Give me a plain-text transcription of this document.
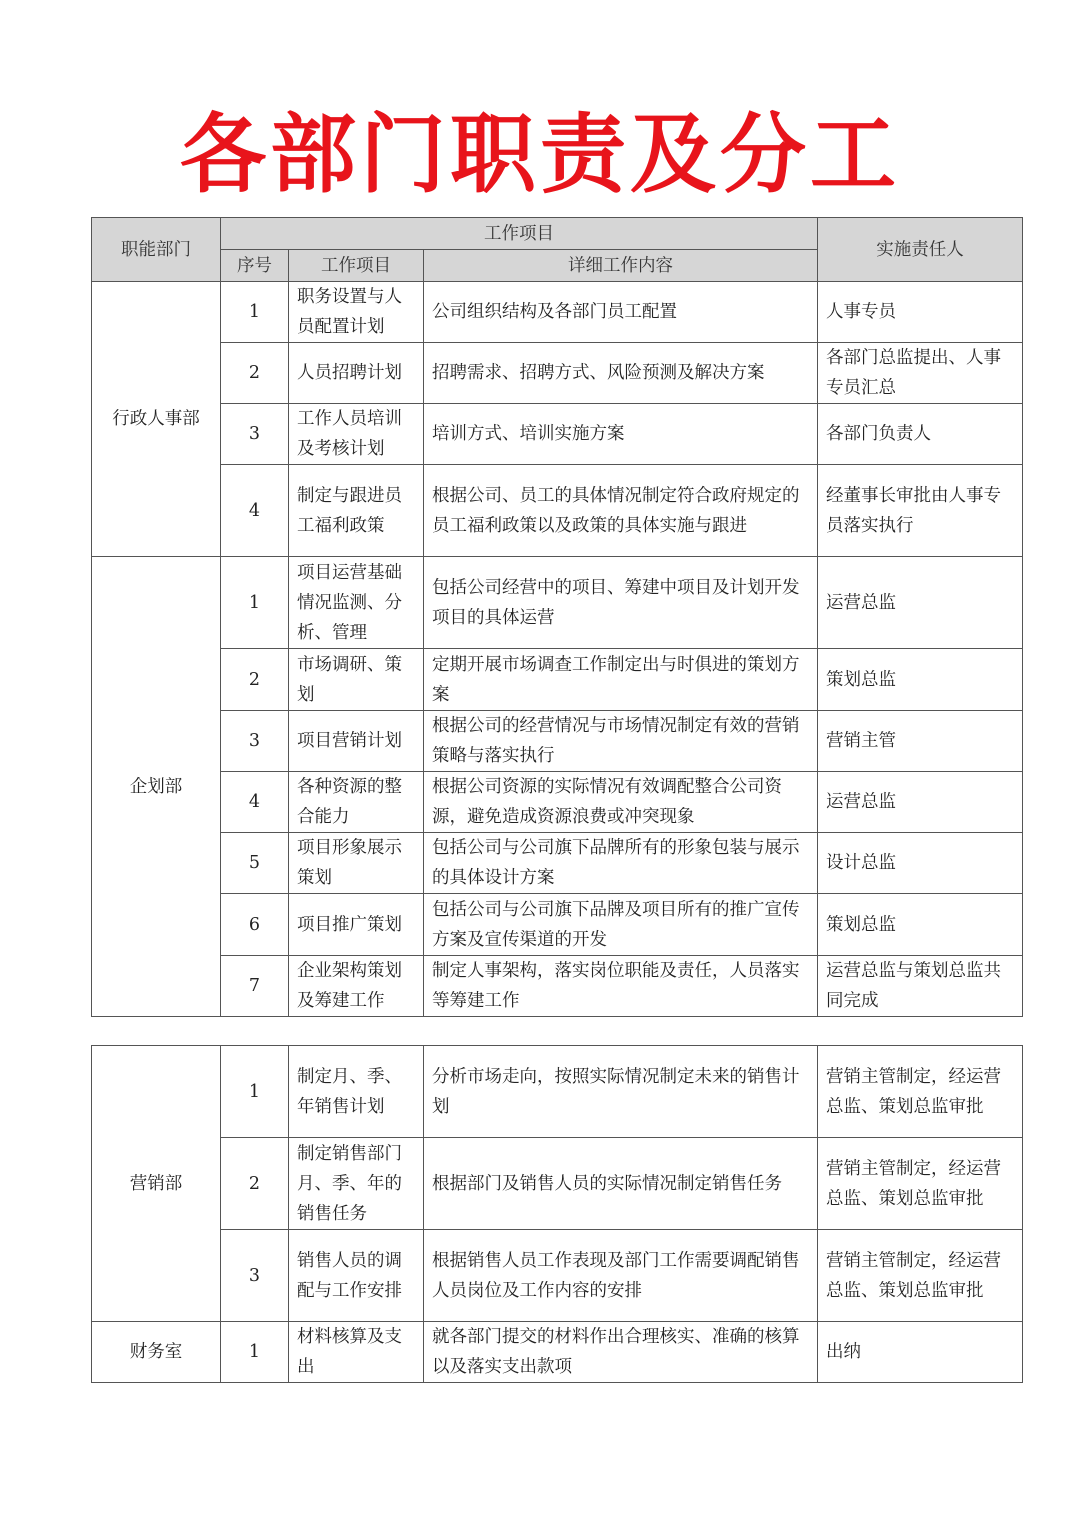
各部门职责及分工
职能部门	工作项目			实施责任人
	序号	工作项目	详细工作内容	
行政人事部	1	职务设置与人员配置计划	公司组织结构及各部门员工配置	人事专员
	2	人员招聘计划	招聘需求、招聘方式、风险预测及解决方案	各部门总监提出、人事专员汇总
	3	工作人员培训及考核计划	培训方式、培训实施方案	各部门负责人
	4	制定与跟进员工福利政策	根据公司、员工的具体情况制定符合政府规定的员工福利政策以及政策的具体实施与跟进	经董事长审批由人事专员落实执行
企划部	1	项目运营基础情况监测、分析、管理	包括公司经营中的项目、筹建中项目及计划开发项目的具体运营	运营总监
	2	市场调研、策划	定期开展市场调查工作制定出与时俱进的策划方案	策划总监
	3	项目营销计划	根据公司的经营情况与市场情况制定有效的营销策略与落实执行	营销主管
	4	各种资源的整合能力	根据公司资源的实际情况有效调配整合公司资源，避免造成资源浪费或冲突现象	运营总监
	5	项目形象展示策划	包括公司与公司旗下品牌所有的形象包装与展示的具体设计方案	设计总监
	6	项目推广策划	包括公司与公司旗下品牌及项目所有的推广宣传方案及宣传渠道的开发	策划总监
	7	企业架构策划及筹建工作	制定人事架构，落实岗位职能及责任，人员落实等筹建工作	运营总监与策划总监共同完成
营销部	1	制定月、季、年销售计划	分析市场走向，按照实际情况制定未来的销售计划	营销主管制定，经运营总监、策划总监审批
	2	制定销售部门月、季、年的销售任务	根据部门及销售人员的实际情况制定销售任务	营销主管制定，经运营总监、策划总监审批
	3	销售人员的调配与工作安排	根据销售人员工作表现及部门工作需要调配销售人员岗位及工作内容的安排	营销主管制定，经运营总监、策划总监审批
财务室	1	材料核算及支出	就各部门提交的材料作出合理核实、准确的核算以及落实支出款项	出纳
